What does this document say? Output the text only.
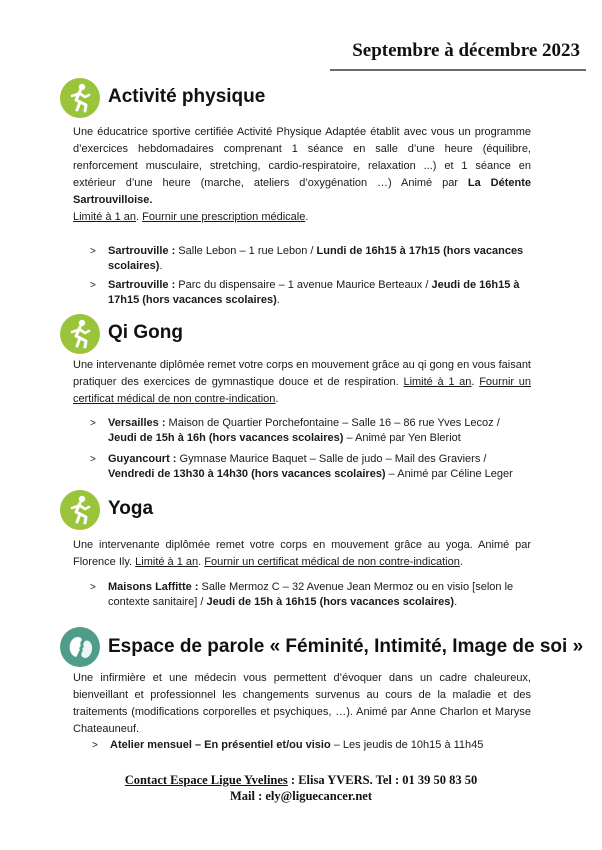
Septembre à décembre 2023
Activité physique
Une éducatrice sportive certifiée Activité Physique Adaptée établit avec vous un programme d’exercices hebdomadaires comprenant 1 séance en salle d’une heure (équilibre, renforcement musculaire, stretching, cardio-respiratoire, relaxation ...) et 1 séance en extérieur d’une heure (marche, ateliers d’oxygénation …) Animé par La Détente Sartrouvilloise.
Limité à 1 an. Fournir une prescription médicale.
> Sartrouville : Salle Lebon – 1 rue Lebon / Lundi de 16h15 à 17h15 (hors vacances scolaires).
> Sartrouville : Parc du dispensaire – 1 avenue Maurice Berteaux / Jeudi de 16h15 à 17h15 (hors vacances scolaires).
Qi Gong
Une intervenante diplômée remet votre corps en mouvement grâce au qi gong en vous faisant pratiquer des exercices de gymnastique douce et de respiration. Limité à 1 an. Fournir un certificat médical de non contre-indication.
> Versailles : Maison de Quartier Porchefontaine – Salle 16 – 86 rue Yves Lecoz / Jeudi de 15h à 16h (hors vacances scolaires) – Animé par Yen Bleriot
> Guyancourt : Gymnase Maurice Baquet – Salle de judo – Mail des Graviers / Vendredi de 13h30 à 14h30 (hors vacances scolaires) – Animé par Céline Leger
Yoga
Une intervenante diplômée remet votre corps en mouvement grâce au yoga. Animé par Florence Ily. Limité à 1 an. Fournir un certificat médical de non contre-indication.
> Maisons Laffitte : Salle Mermoz C – 32 Avenue Jean Mermoz ou en visio [selon le contexte sanitaire] / Jeudi de 15h à 16h15 (hors vacances scolaires).
Espace de parole « Féminité, Intimité, Image de soi »
Une infirmière et une médecin vous permettent d’évoquer dans un cadre chaleureux, bienveillant et professionnel les changements survenus au cours de la maladie et des traitements (modifications corporelles et psychiques, …). Animé par Anne Charlon et Maryse Chateauneuf.
> Atelier mensuel – En présentiel et/ou visio – Les jeudis de 10h15 à 11h45
Contact Espace Ligue Yvelines : Elisa YVERS. Tel : 01 39 50 83 50
Mail : ely@liguecancer.net
